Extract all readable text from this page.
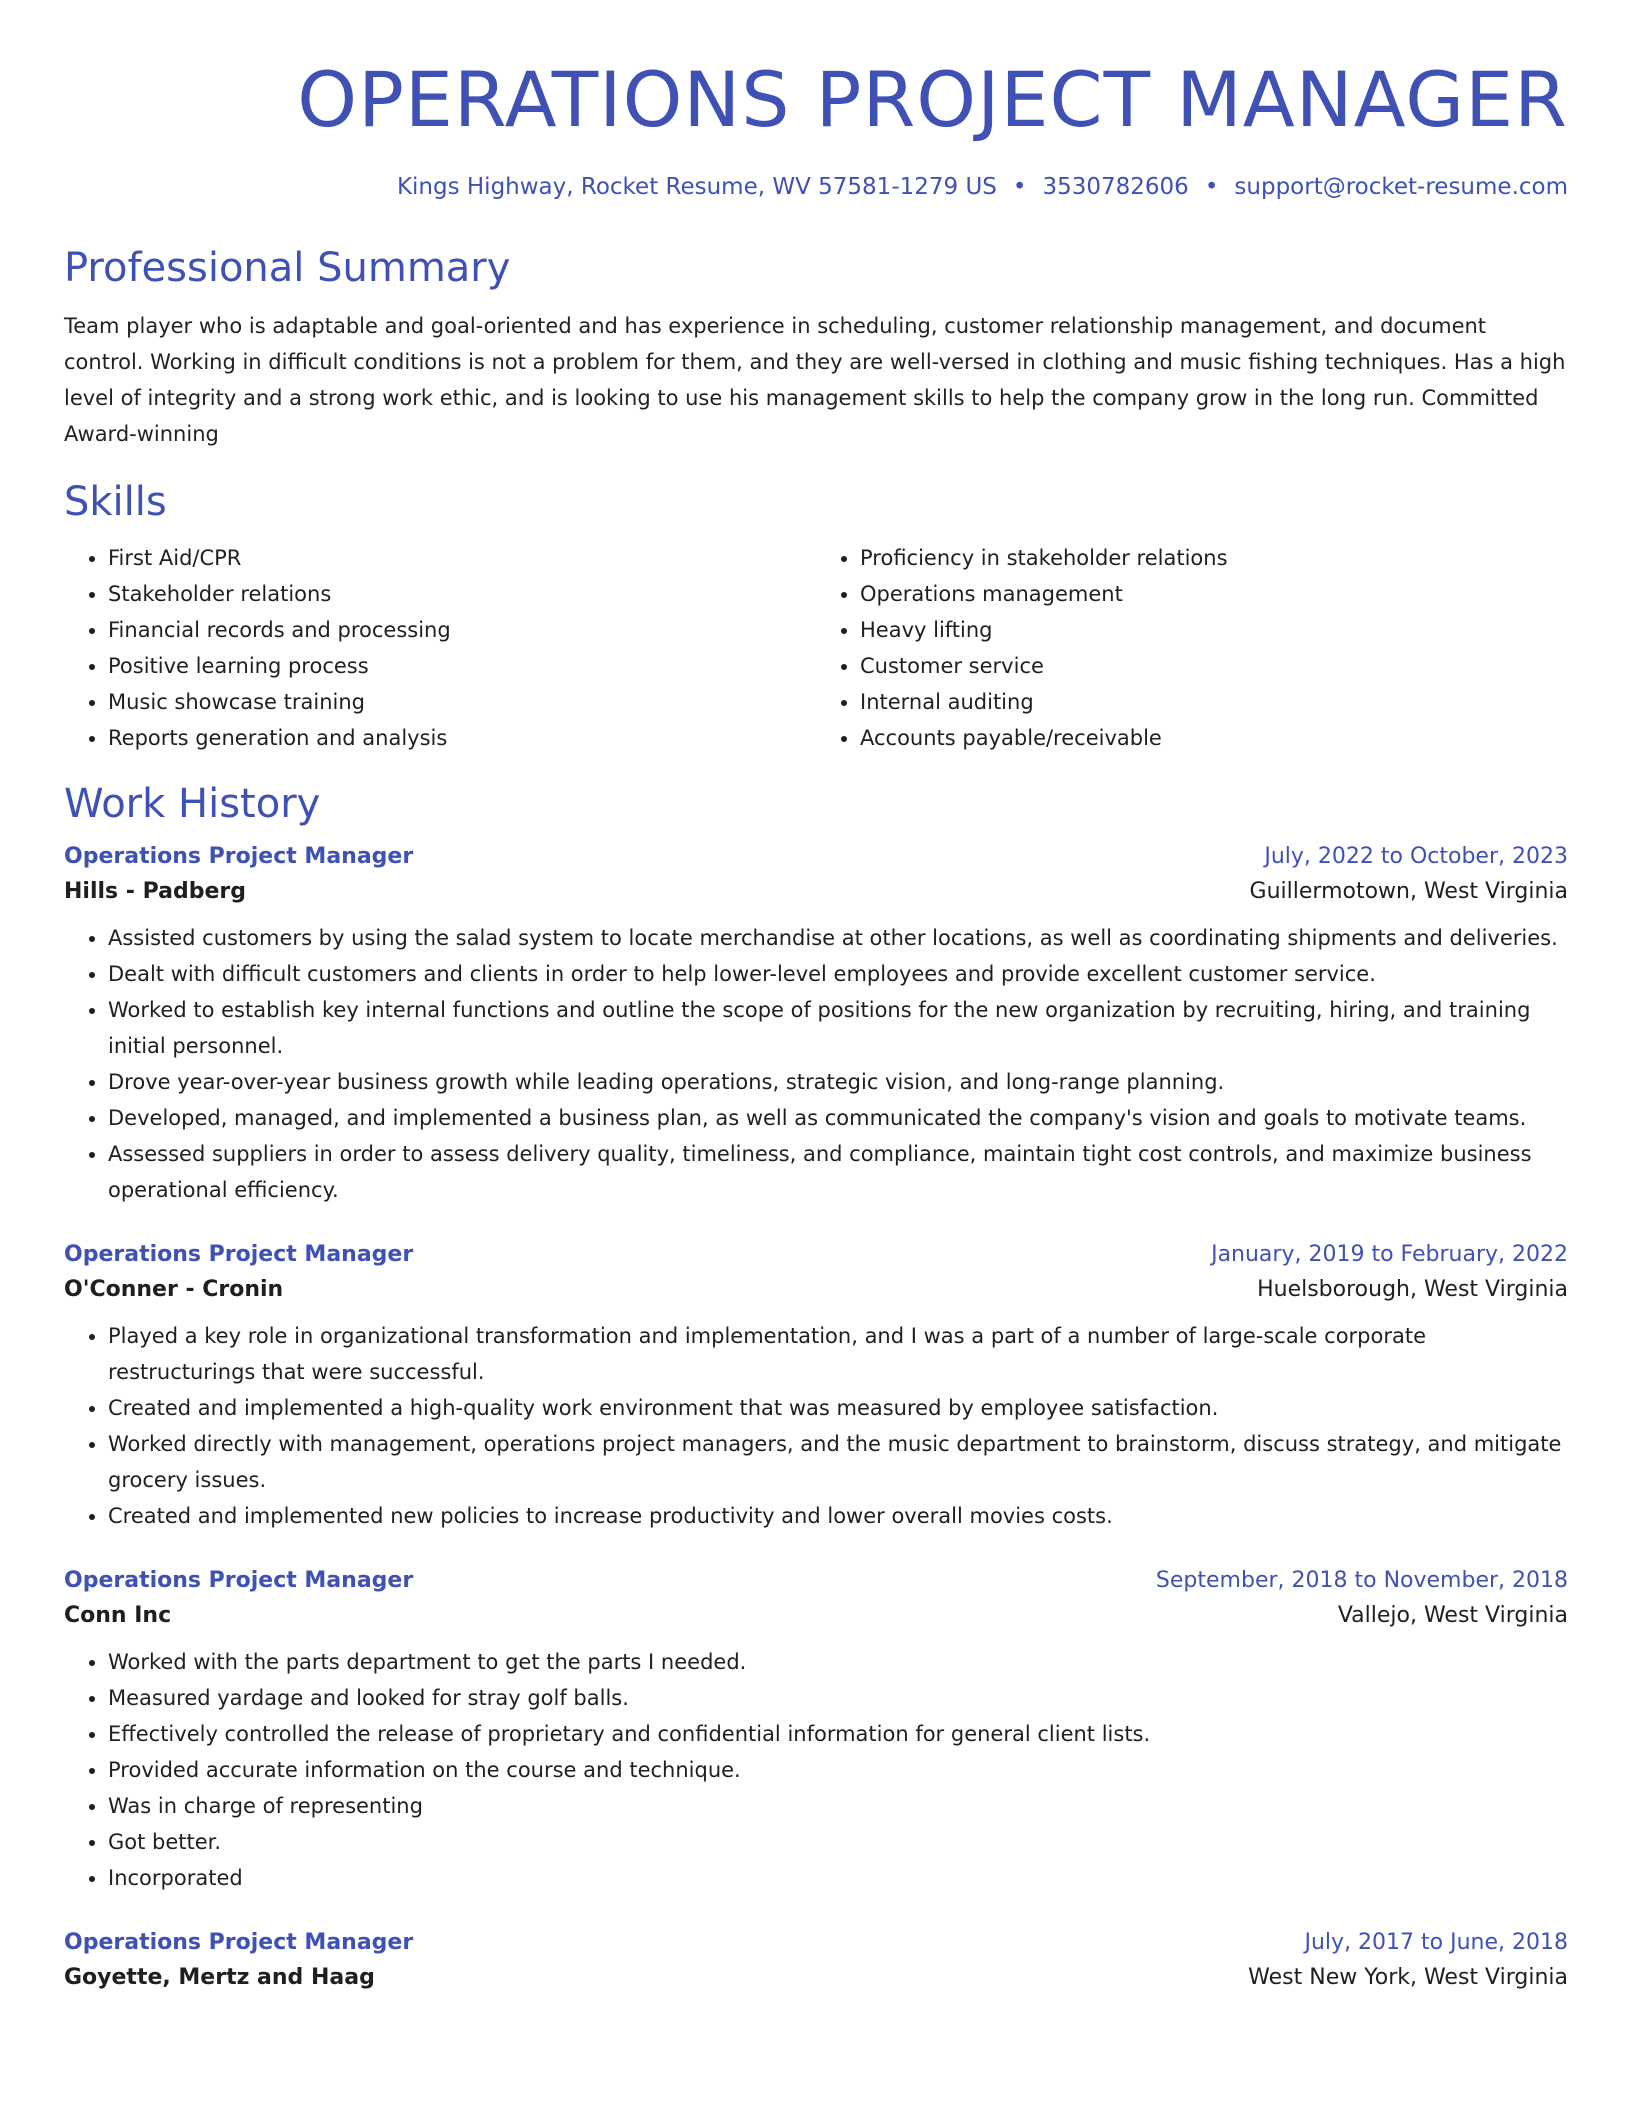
OPERATIONS PROJECT MANAGER
Kings Highway, Rocket Resume, WV 57581-1279 US • 3530782606 • support@rocket-resume.com
Professional Summary
Team player who is adaptable and goal-oriented and has experience in scheduling, customer relationship management, and document control. Working in difficult conditions is not a problem for them, and they are well-versed in clothing and music fishing techniques. Has a high level of integrity and a strong work ethic, and is looking to use his management skills to help the company grow in the long run. Committed Award-winning
Skills
• First Aid/CPR
• Stakeholder relations
• Financial records and processing
• Positive learning process
• Music showcase training
• Reports generation and analysis
• Proficiency in stakeholder relations
• Operations management
• Heavy lifting
• Customer service
• Internal auditing
• Accounts payable/receivable
Work History
Operations Project Manager	July, 2022 to October, 2023
Hills - Padberg	Guillermotown, West Virginia
• Assisted customers by using the salad system to locate merchandise at other locations, as well as coordinating shipments and deliveries.
• Dealt with difficult customers and clients in order to help lower-level employees and provide excellent customer service.
• Worked to establish key internal functions and outline the scope of positions for the new organization by recruiting, hiring, and training initial personnel.
• Drove year-over-year business growth while leading operations, strategic vision, and long-range planning.
• Developed, managed, and implemented a business plan, as well as communicated the company's vision and goals to motivate teams.
• Assessed suppliers in order to assess delivery quality, timeliness, and compliance, maintain tight cost controls, and maximize business operational efficiency.
Operations Project Manager	January, 2019 to February, 2022
O'Conner - Cronin	Huelsborough, West Virginia
• Played a key role in organizational transformation and implementation, and I was a part of a number of large-scale corporate restructurings that were successful.
• Created and implemented a high-quality work environment that was measured by employee satisfaction.
• Worked directly with management, operations project managers, and the music department to brainstorm, discuss strategy, and mitigate grocery issues.
• Created and implemented new policies to increase productivity and lower overall movies costs.
Operations Project Manager	September, 2018 to November, 2018
Conn Inc	Vallejo, West Virginia
• Worked with the parts department to get the parts I needed.
• Measured yardage and looked for stray golf balls.
• Effectively controlled the release of proprietary and confidential information for general client lists.
• Provided accurate information on the course and technique.
• Was in charge of representing
• Got better.
• Incorporated
Operations Project Manager	July, 2017 to June, 2018
Goyette, Mertz and Haag	West New York, West Virginia
